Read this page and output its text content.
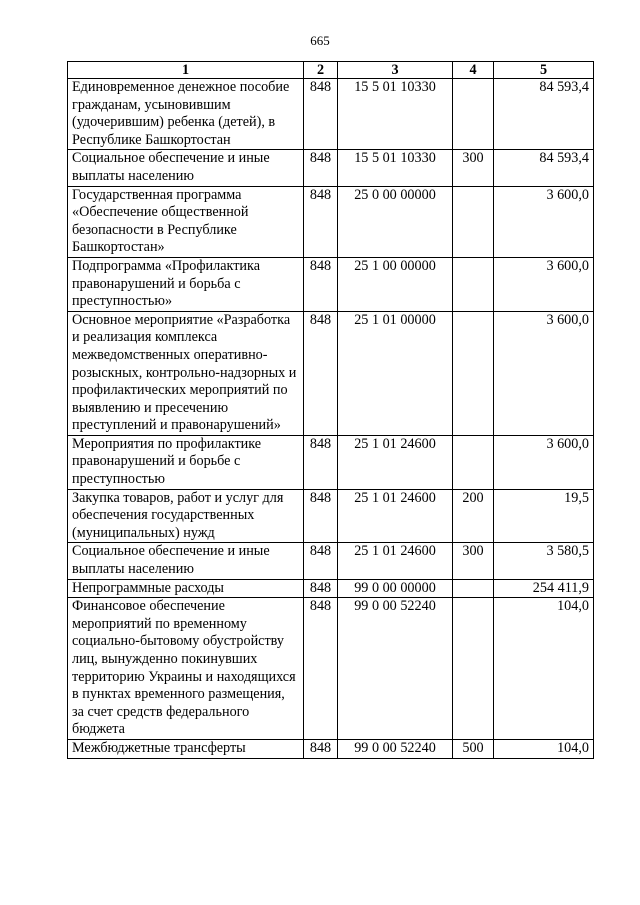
665
1	2	3	4	5
Единовременное денежное пособие гражданам, усыновившим (удочерившим) ребенка (детей), в Республике Башкортостан	848	15 5 01 10330		84 593,4
Социальное обеспечение и иные выплаты населению	848	15 5 01 10330	300	84 593,4
Государственная программа «Обеспечение общественной безопасности в Республике Башкортостан»	848	25 0 00 00000		3 600,0
Подпрограмма «Профилактика правонарушений и борьба с преступностью»	848	25 1 00 00000		3 600,0
Основное мероприятие «Разработка и реализация комплекса межведомственных оперативно-розыскных, контрольно-надзорных и профилактических мероприятий по выявлению и пресечению преступлений и правонарушений»	848	25 1 01 00000		3 600,0
Мероприятия по профилактике правонарушений и борьбе с преступностью	848	25 1 01 24600		3 600,0
Закупка товаров, работ и услуг для обеспечения государственных (муниципальных) нужд	848	25 1 01 24600	200	19,5
Социальное обеспечение и иные выплаты населению	848	25 1 01 24600	300	3 580,5
Непрограммные расходы	848	99 0 00 00000		254 411,9
Финансовое обеспечение мероприятий по временному социально-бытовому обустройству лиц, вынужденно покинувших территорию Украины и находящихся в пунктах временного размещения, за счет средств федерального бюджета	848	99 0 00 52240		104,0
Межбюджетные трансферты	848	99 0 00 52240	500	104,0
